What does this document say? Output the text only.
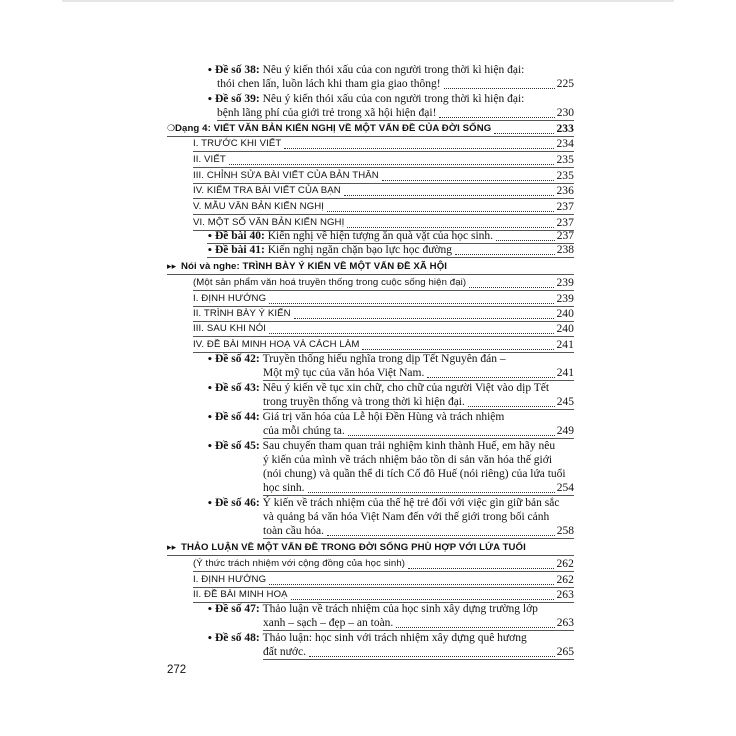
• Đề số 38: Nêu ý kiến thói xấu của con người trong thời kì hiện đại:
thói chen lấn, luồn lách khi tham gia giao thông!	225
• Đề số 39: Nêu ý kiến thói xấu của con người trong thời kì hiện đại:
bệnh lãng phí của giới trẻ trong xã hội hiện đại!	230
❍Dạng 4: VIẾT VĂN BẢN KIẾN NGHỊ VỀ MỘT VẤN ĐỀ CỦA ĐỜI SỐNG	233
I. TRƯỚC KHI VIẾT	234
II. VIẾT	235
III. CHỈNH SỬA BÀI VIẾT CỦA BẢN THÂN	235
IV. KIỂM TRA BÀI VIẾT CỦA BẠN	236
V. MẪU VĂN BẢN KIẾN NGHỊ	237
VI. MỘT SỐ VĂN BẢN KIẾN NGHỊ	237
• Đề bài 40: Kiến nghị về hiện tượng ăn quà vặt của học sinh.	237
• Đề bài 41: Kiến nghị ngăn chặn bạo lực học đường	238
▸▸ Nói và nghe: TRÌNH BÀY Ý KIẾN VỀ MỘT VẤN ĐỀ XÃ HỘI
(Một sản phẩm văn hoá truyền thống trong cuộc sống hiện đại)	239
I. ĐỊNH HƯỚNG	239
II. TRÌNH BÀY Ý KIẾN	240
III. SAU KHI NÓI	240
IV. ĐỀ BÀI MINH HOẠ VÀ CÁCH LÀM	241
• Đề số 42: Truyền thống hiếu nghĩa trong dịp Tết Nguyên đán –
Một mỹ tục của văn hóa Việt Nam.	241
• Đề số 43: Nêu ý kiến về tục xin chữ, cho chữ của người Việt vào dịp Tết
trong truyền thống và trong thời kì hiện đại.	245
• Đề số 44: Giá trị văn hóa của Lễ hội Đền Hùng và trách nhiệm
của mỗi chúng ta.	249
• Đề số 45: Sau chuyến tham quan trải nghiệm kinh thành Huế, em hãy nêu
ý kiến của mình về trách nhiệm bảo tồn di sản văn hóa thế giới
(nói chung) và quần thể di tích Cố đô Huế (nói riêng) của lứa tuổi
học sinh.	254
• Đề số 46: Ý kiến về trách nhiệm của thế hệ trẻ đối với việc gìn giữ bản sắc
và quảng bá văn hóa Việt Nam đến với thế giới trong bối cảnh
toàn cầu hóa.	258
▸▸ THẢO LUẬN VỀ MỘT VẤN ĐỀ TRONG ĐỜI SỐNG PHÙ HỢP VỚI LỨA TUỔI
(Ý thức trách nhiệm với cộng đồng của học sinh)	262
I. ĐỊNH HƯỚNG	262
II. ĐỀ BÀI MINH HOẠ	263
• Đề số 47: Thảo luận về trách nhiệm của học sinh xây dựng trường lớp
xanh – sạch – đẹp – an toàn.	263
• Đề số 48: Thảo luận: học sinh với trách nhiệm xây dựng quê hương
đất nước.	265
272
